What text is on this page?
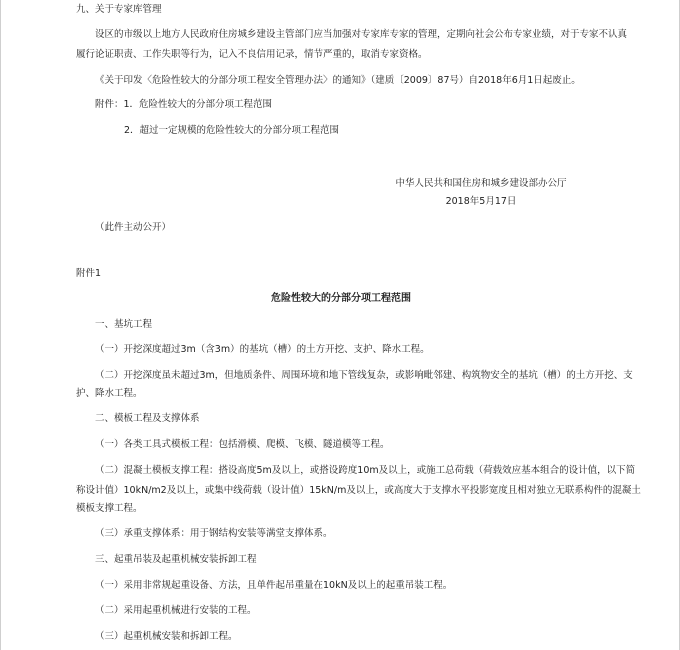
九、关于专家库管理
设区的市级以上地方人民政府住房城乡建设主管部门应当加强对专家库专家的管理，定期向社会公布专家业绩，对于专家不认真
履行论证职责、工作失职等行为，记入不良信用记录，情节严重的，取消专家资格。
《关于印发〈危险性较大的分部分项工程安全管理办法〉的通知》（建质〔2009〕87号）自2018年6月1日起废止。
附件：1．危险性较大的分部分项工程范围
2．超过一定规模的危险性较大的分部分项工程范围
中华人民共和国住房和城乡建设部办公厅
2018年5月17日
（此件主动公开）
附件1
危险性较大的分部分项工程范围
一、基坑工程
（一）开挖深度超过3m（含3m）的基坑（槽）的土方开挖、支护、降水工程。
（二）开挖深度虽未超过3m，但地质条件、周围环境和地下管线复杂，或影响毗邻建、构筑物安全的基坑（槽）的土方开挖、支
护、降水工程。
二、模板工程及支撑体系
（一）各类工具式模板工程：包括滑模、爬模、飞模、隧道模等工程。
（二）混凝土模板支撑工程：搭设高度5m及以上，或搭设跨度10m及以上，或施工总荷载（荷载效应基本组合的设计值，以下简
称设计值）10kN/m2及以上，或集中线荷载（设计值）15kN/m及以上，或高度大于支撑水平投影宽度且相对独立无联系构件的混凝土
模板支撑工程。
（三）承重支撑体系：用于钢结构安装等满堂支撑体系。
三、起重吊装及起重机械安装拆卸工程
（一）采用非常规起重设备、方法，且单件起吊重量在10kN及以上的起重吊装工程。
（二）采用起重机械进行安装的工程。
（三）起重机械安装和拆卸工程。
